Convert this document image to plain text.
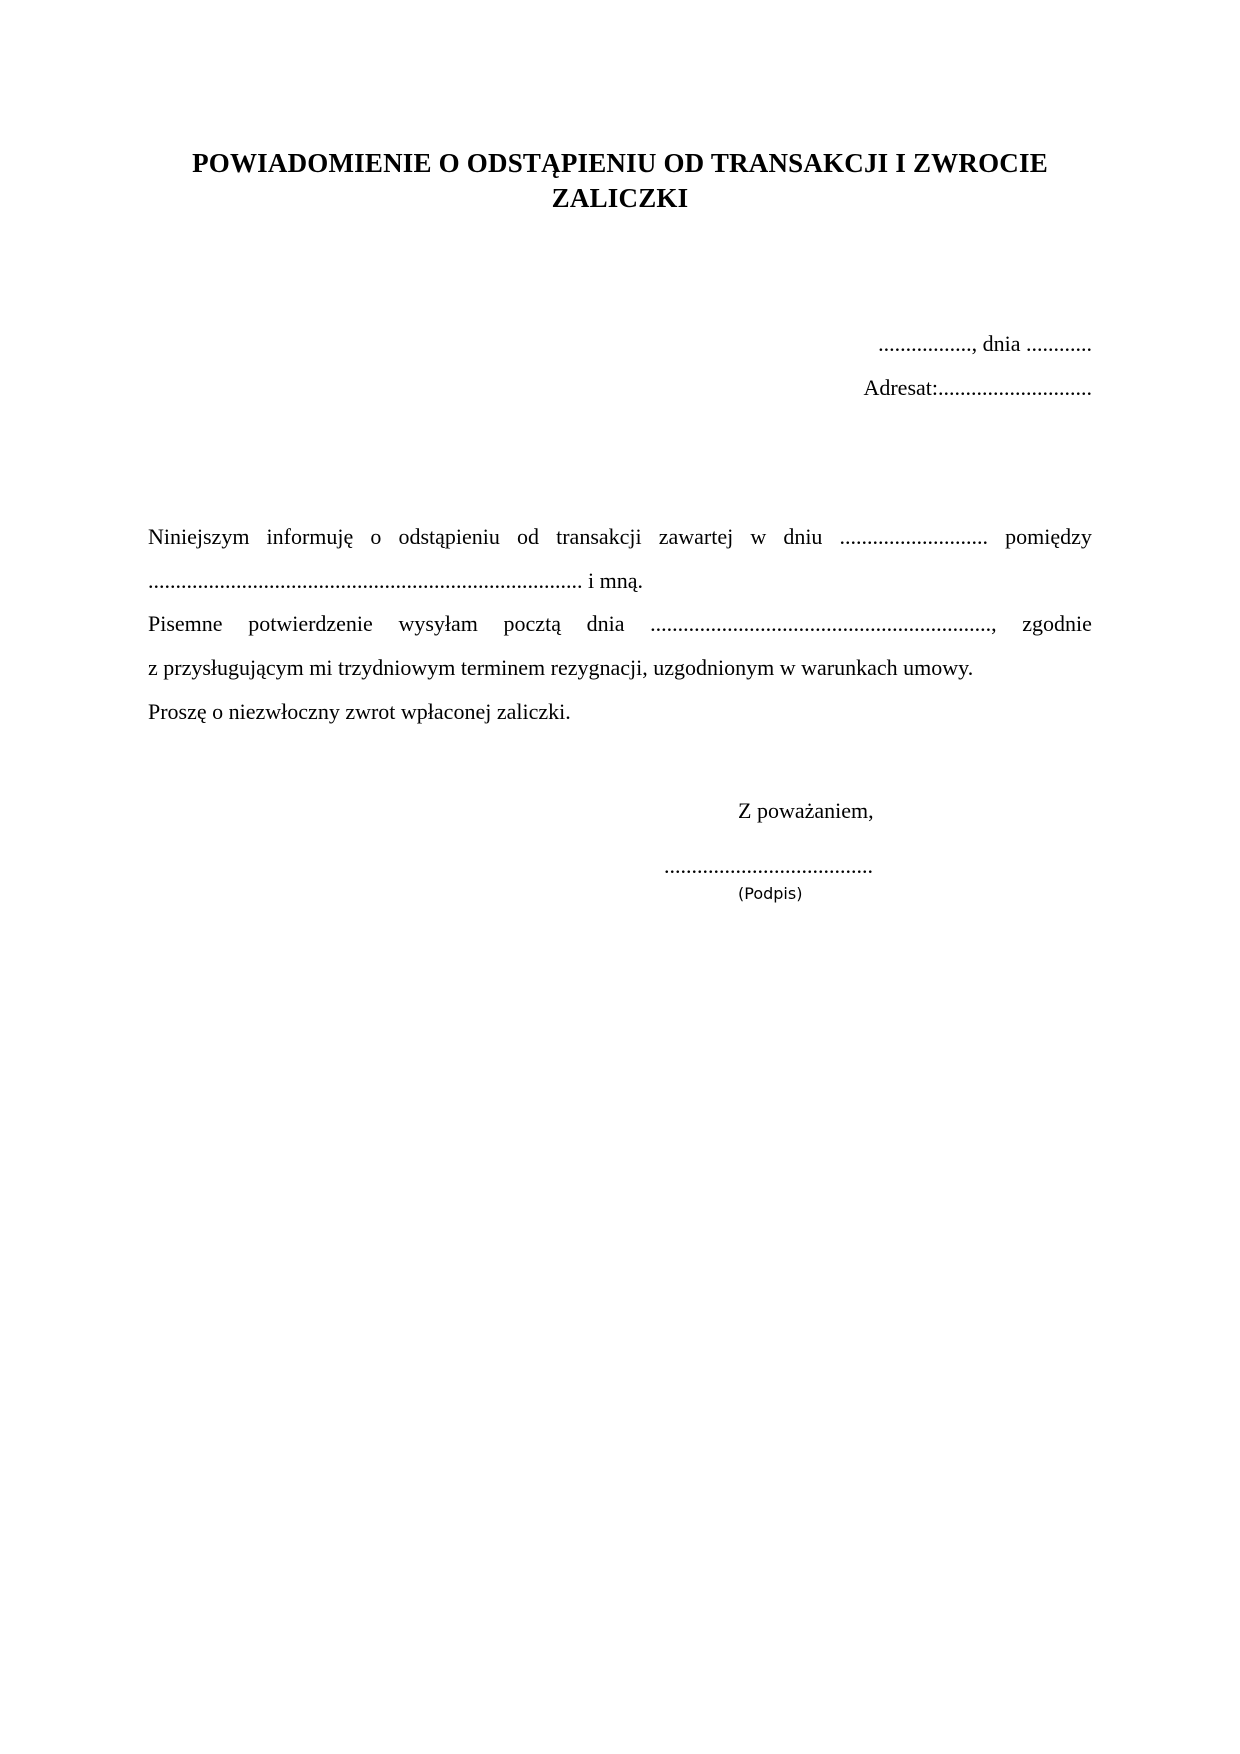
POWIADOMIENIE O ODSTĄPIENIU OD TRANSAKCJI I ZWROCIE
ZALICZKI
................., dnia ............
Adresat:............................
Niniejszym informuję o odstąpieniu od transakcji zawartej w dniu ........................... pomiędzy
............................................................................... i mną.
Pisemne potwierdzenie wysyłam pocztą dnia .............................................................., zgodnie
z przysługującym mi trzydniowym terminem rezygnacji, uzgodnionym w warunkach umowy.
Proszę o niezwłoczny zwrot wpłaconej zaliczki.
Z poważaniem,
......................................
(Podpis)
